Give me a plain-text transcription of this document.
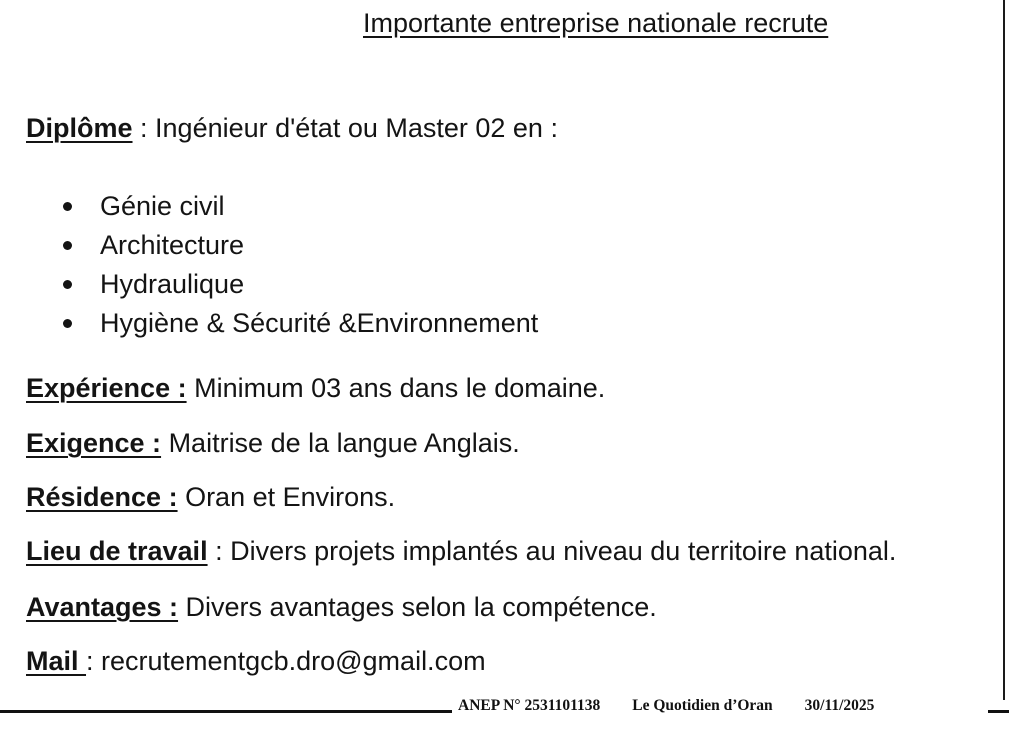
Importante entreprise nationale recrute
Diplôme : Ingénieur d'état ou Master 02 en :
Génie civil
Architecture
Hydraulique
Hygiène & Sécurité &Environnement
Expérience : Minimum 03 ans dans le domaine.
Exigence : Maitrise de la langue Anglais.
Résidence : Oran et Environs.
Lieu de travail : Divers projets implantés au niveau du territoire national.
Avantages : Divers avantages selon la compétence.
Mail : recrutementgcb.dro@gmail.com
ANEP N° 2531101138 Le Quotidien d’Oran 30/11/2025
